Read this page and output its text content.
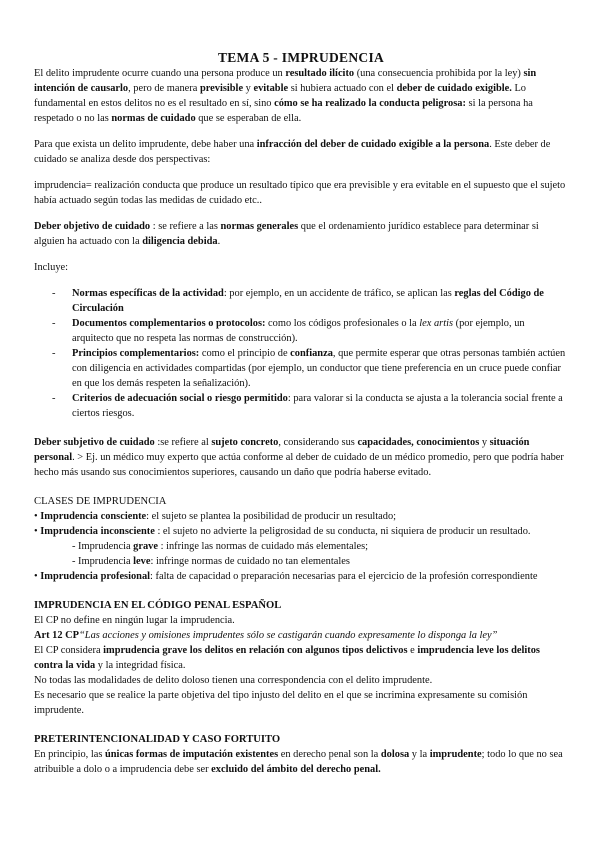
TEMA 5 - IMPRUDENCIA

El delito imprudente ocurre cuando una persona produce un resultado ilícito (una consecuencia prohibida por la ley) sin intención de causarlo, pero de manera previsible y evitable si hubiera actuado con el deber de cuidado exigible. Lo fundamental en estos delitos no es el resultado en sí, sino cómo se ha realizado la conducta peligrosa: si la persona ha respetado o no las normas de cuidado que se esperaban de ella.

Para que exista un delito imprudente, debe haber una infracción del deber de cuidado exigible a la persona. Este deber de cuidado se analiza desde dos perspectivas:

imprudencia= realización conducta que produce un resultado típico que era previsible y era evitable en el supuesto que el sujeto había actuado según todas las medidas de cuidado etc..

Deber objetivo de cuidado : se refiere a las normas generales que el ordenamiento jurídico establece para determinar si alguien ha actuado con la diligencia debida.

Incluye:

- Normas específicas de la actividad: por ejemplo, en un accidente de tráfico, se aplican las reglas del Código de Circulación
- Documentos complementarios o protocolos: como los códigos profesionales o la lex artis (por ejemplo, un arquitecto que no respeta las normas de construcción).
- Principios complementarios: como el principio de confianza, que permite esperar que otras personas también actúen con diligencia en actividades compartidas (por ejemplo, un conductor que tiene preferencia en un cruce puede confiar en que los demás respeten la señalización).
- Criterios de adecuación social o riesgo permitido: para valorar si la conducta se ajusta a la tolerancia social frente a ciertos riesgos.

Deber subjetivo de cuidado :se refiere al sujeto concreto, considerando sus capacidades, conocimientos y situación personal. > Ej. un médico muy experto que actúa conforme al deber de cuidado de un médico promedio, pero que podría haber hecho más usando sus conocimientos superiores, causando un daño que podría haberse evitado.

CLASES DE IMPRUDENCIA

• Imprudencia consciente: el sujeto se plantea la posibilidad de producir un resultado;

• Imprudencia inconsciente : el sujeto no advierte la peligrosidad de su conducta, ni siquiera de producir un resultado.

- Imprudencia grave : infringe las normas de cuidado más elementales;

- Imprudencia leve: infringe normas de cuidado no tan elementales

• Imprudencia profesional: falta de capacidad o preparación necesarias para el ejercicio de la profesión correspondiente

IMPRUDENCIA EN EL CÓDIGO PENAL ESPAÑOL

El CP no define en ningún lugar la imprudencia.

Art 12 CP“Las acciones y omisiones imprudentes sólo se castigarán cuando expresamente lo disponga la ley”

El CP considera imprudencia grave los delitos en relación con algunos tipos delictivos e imprudencia leve los delitos contra la vida y la integridad física.

No todas las modalidades de delito doloso tienen una correspondencia con el delito imprudente.

Es necesario que se realice la parte objetiva del tipo injusto del delito en el que se incrimina expresamente su comisión imprudente.

PRETERINTENCIONALIDAD Y CASO FORTUITO

En principio, las únicas formas de imputación existentes en derecho penal son la dolosa y la imprudente; todo lo que no sea atribuible a dolo o a imprudencia debe ser excluido del ámbito del derecho penal.
